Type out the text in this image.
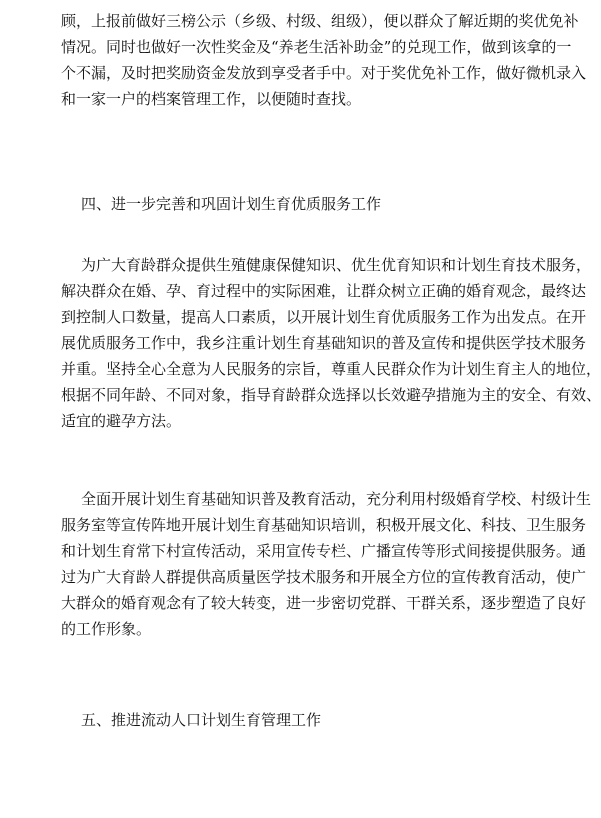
顾，上报前做好三榜公示（乡级、村级、组级），便以群众了解近期的奖优免补
情况。同时也做好一次性奖金及“养老生活补助金”的兑现工作，做到该拿的一
个不漏，及时把奖励资金发放到享受者手中。对于奖优免补工作，做好微机录入
和一家一户的档案管理工作，以便随时查找。
四、进一步完善和巩固计划生育优质服务工作
为广大育龄群众提供生殖健康保健知识、优生优育知识和计划生育技术服务，
解决群众在婚、孕、育过程中的实际困难，让群众树立正确的婚育观念，最终达
到控制人口数量，提高人口素质，以开展计划生育优质服务工作为出发点。在开
展优质服务工作中，我乡注重计划生育基础知识的普及宣传和提供医学技术服务
并重。坚持全心全意为人民服务的宗旨，尊重人民群众作为计划生育主人的地位，
根据不同年龄、不同对象，指导育龄群众选择以长效避孕措施为主的安全、有效、
适宜的避孕方法。
全面开展计划生育基础知识普及教育活动，充分利用村级婚育学校、村级计生
服务室等宣传阵地开展计划生育基础知识培训，积极开展文化、科技、卫生服务
和计划生育常下村宣传活动，采用宣传专栏、广播宣传等形式间接提供服务。通
过为广大育龄人群提供高质量医学技术服务和开展全方位的宣传教育活动，使广
大群众的婚育观念有了较大转变，进一步密切党群、干群关系，逐步塑造了良好
的工作形象。
五、推进流动人口计划生育管理工作
